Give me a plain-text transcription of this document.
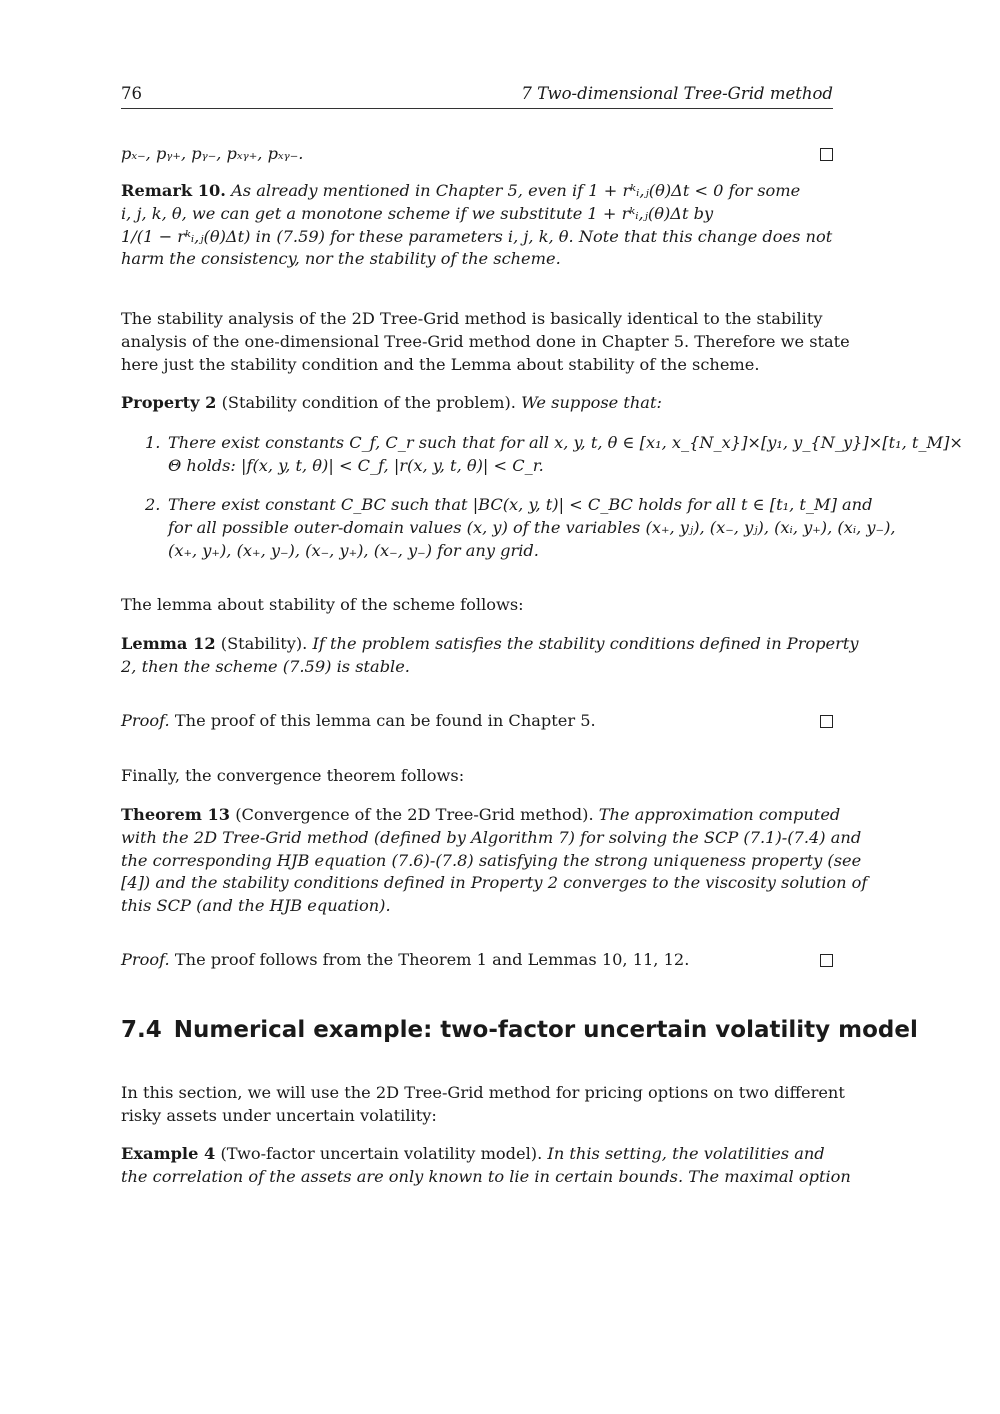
76	7 Two-dimensional Tree-Grid method
pₓ₋, pᵧ₊, pᵧ₋, pₓᵧ₊, pₓᵧ₋.
Remark 10. As already mentioned in Chapter 5, even if 1 + rᵏᵢ,ⱼ(θ)Δt < 0 for some
i, j, k, θ, we can get a monotone scheme if we substitute 1 + rᵏᵢ,ⱼ(θ)Δt by
1/(1 − rᵏᵢ,ⱼ(θ)Δt) in (7.59) for these parameters i, j, k, θ. Note that this change does not
harm the consistency, nor the stability of the scheme.
The stability analysis of the 2D Tree-Grid method is basically identical to the stability
analysis of the one-dimensional Tree-Grid method done in Chapter 5. Therefore we state
here just the stability condition and the Lemma about stability of the scheme.
Property 2 (Stability condition of the problem). We suppose that:
1. There exist constants C_f, C_r such that for all x, y, t, θ ∈ [x₁, x_{N_x}]×[y₁, y_{N_y}]×[t₁, t_M]×
Θ holds: |f(x, y, t, θ)| < C_f, |r(x, y, t, θ)| < C_r.
2. There exist constant C_BC such that |BC(x, y, t)| < C_BC holds for all t ∈ [t₁, t_M] and
for all possible outer-domain values (x, y) of the variables (x₊, yⱼ), (x₋, yⱼ), (xᵢ, y₊), (xᵢ, y₋),
(x₊, y₊), (x₊, y₋), (x₋, y₊), (x₋, y₋) for any grid.
The lemma about stability of the scheme follows:
Lemma 12 (Stability). If the problem satisfies the stability conditions defined in Property
2, then the scheme (7.59) is stable.
Proof. The proof of this lemma can be found in Chapter 5.
Finally, the convergence theorem follows:
Theorem 13 (Convergence of the 2D Tree-Grid method). The approximation computed
with the 2D Tree-Grid method (defined by Algorithm 7) for solving the SCP (7.1)-(7.4) and
the corresponding HJB equation (7.6)-(7.8) satisfying the strong uniqueness property (see
[4]) and the stability conditions defined in Property 2 converges to the viscosity solution of
this SCP (and the HJB equation).
Proof. The proof follows from the Theorem 1 and Lemmas 10, 11, 12.
7.4 Numerical example: two-factor uncertain volatility model
In this section, we will use the 2D Tree-Grid method for pricing options on two different
risky assets under uncertain volatility:
Example 4 (Two-factor uncertain volatility model). In this setting, the volatilities and
the correlation of the assets are only known to lie in certain bounds. The maximal option
